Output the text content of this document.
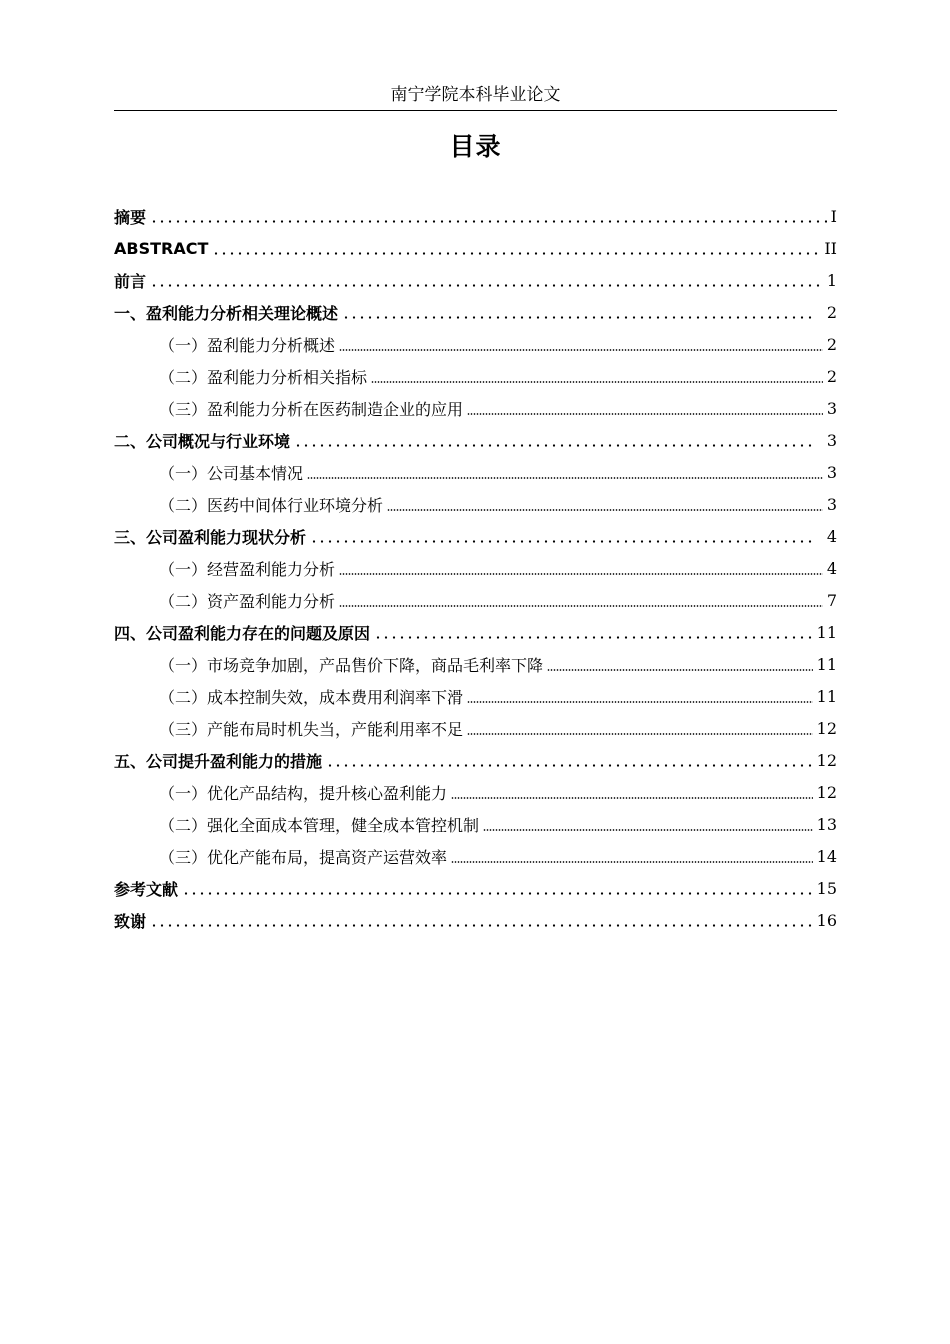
南宁学院本科毕业论文
目录
摘要	I
ABSTRACT	II
前言	1
一、盈利能力分析相关理论概述	2
（一）盈利能力分析概述	2
（二）盈利能力分析相关指标	2
（三）盈利能力分析在医药制造企业的应用	3
二、公司概况与行业环境	3
（一）公司基本情况	3
（二）医药中间体行业环境分析	3
三、公司盈利能力现状分析	4
（一）经营盈利能力分析	4
（二）资产盈利能力分析	7
四、公司盈利能力存在的问题及原因	11
（一）市场竞争加剧，产品售价下降，商品毛利率下降	11
（二）成本控制失效，成本费用利润率下滑	11
（三）产能布局时机失当，产能利用率不足	12
五、公司提升盈利能力的措施	12
（一）优化产品结构，提升核心盈利能力	12
（二）强化全面成本管理，健全成本管控机制	13
（三）优化产能布局，提高资产运营效率	14
参考文献	15
致谢	16
